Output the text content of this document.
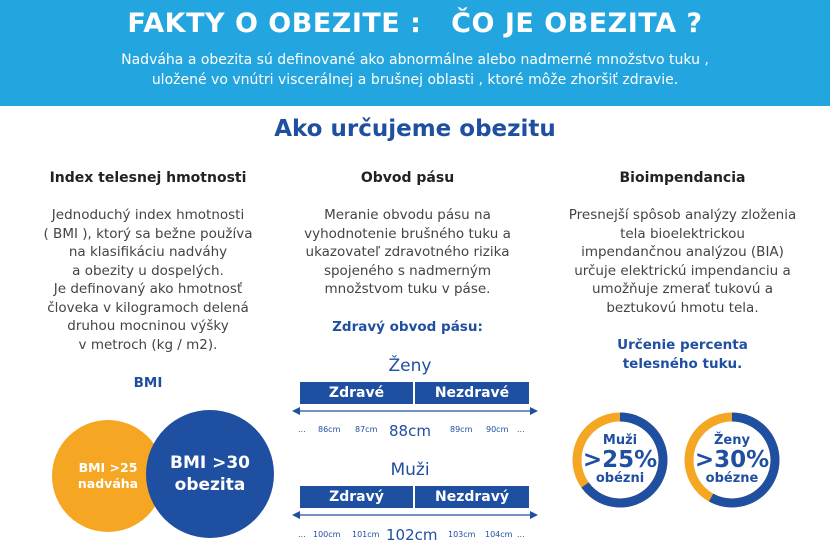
FAKTY O OBEZITE :   ČO JE OBEZITA ?
Nadváha a obezita sú definované ako abnormálne alebo nadmerné množstvo tuku ,
uložené vo vnútri viscerálnej a brušnej oblasti , ktoré môže zhoršiť zdravie.
Ako určujeme obezitu
Index telesnej hmotnosti
Jednoduchý index hmotnosti
( BMI ), ktorý sa bežne používa
na klasifikáciu nadváhy
a obezity u dospelých.
Je definovaný ako hmotnosť
človeka v kilogramoch delená
druhou mocninou výšky
v metroch (kg / m2).
BMI
BMI >25
nadváha
BMI >30
obezita
Obvod pásu
Meranie obvodu pásu na
vyhodnotenie brušného tuku a
ukazovateľ zdravotného rizika
spojeného s nadmerným
množstvom tuku v páse.
Zdravý obvod pásu:
Ženy
Zdravé	Nezdravé
... 86cm 87cm 88cm 89cm 90cm ...
Muži
Zdravý	Nezdravý
... 100cm 101cm 102cm 103cm 104cm ...
Bioimpendancia
Presnejší spôsob analýzy zloženia
tela bioelektrickou
impendančnou analýzou (BIA)
určuje elektrickú impendanciu a
umožňuje zmerať tukovú a
beztukovú hmotu tela.
Určenie percenta
telesného tuku.
Muži
>25%
obézni
Ženy
>30%
obézne
